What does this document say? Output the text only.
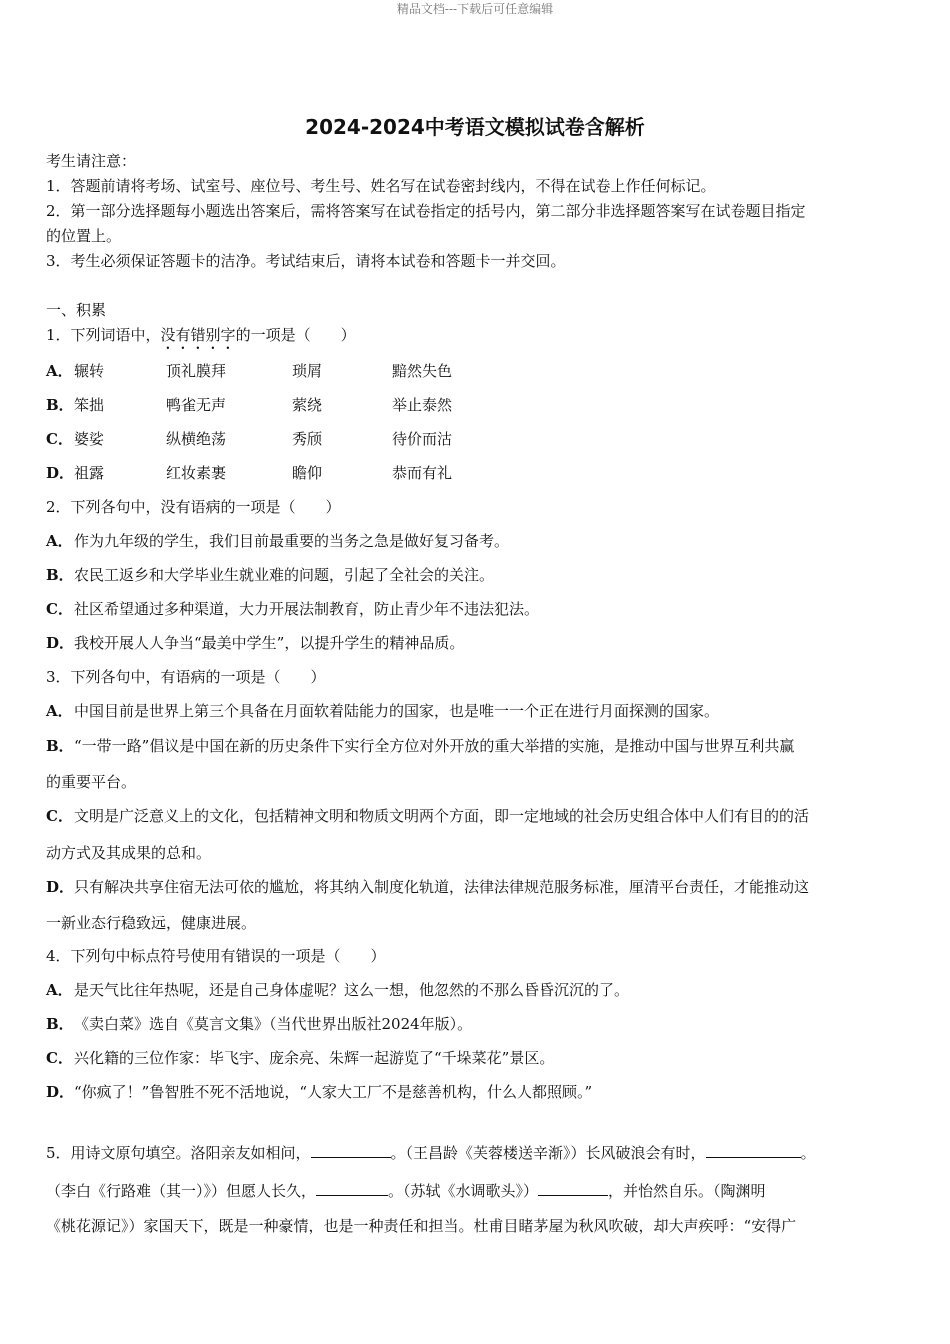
精品文档---下载后可任意编辑
2024-2024中考语文模拟试卷含解析
考生请注意：
1．答题前请将考场、试室号、座位号、考生号、姓名写在试卷密封线内，不得在试卷上作任何标记。
2．第一部分选择题每小题选出答案后，需将答案写在试卷指定的括号内，第二部分非选择题答案写在试卷题目指定
的位置上。
3．考生必须保证答题卡的洁净。考试结束后，请将本试卷和答题卡一并交回。
一、积累
1．下列词语中，没有错别字的一项是（　　）
A． 辗转	顶礼膜拜	琐屑	黯然失色
B． 笨拙	鸭雀无声	萦绕	举止泰然
C． 婆娑	纵横绝荡	秀颀	待价而沽
D． 祖露	红妆素裹	瞻仰	恭而有礼
2．下列各句中，没有语病的一项是（　　）
A．作为九年级的学生，我们目前最重要的当务之急是做好复习备考。
B．农民工返乡和大学毕业生就业难的问题，引起了全社会的关注。
C．社区希望通过多种渠道，大力开展法制教育，防止青少年不违法犯法。
D．我校开展人人争当“最美中学生”，以提升学生的精神品质。
3．下列各句中，有语病的一项是（　　）
A．中国目前是世界上第三个具备在月面软着陆能力的国家，也是唯一一个正在进行月面探测的国家。
B．“一带一路”倡议是中国在新的历史条件下实行全方位对外开放的重大举措的实施，是推动中国与世界互利共赢
的重要平台。
C．文明是广泛意义上的文化，包括精神文明和物质文明两个方面，即一定地域的社会历史组合体中人们有目的的活
动方式及其成果的总和。
D．只有解决共享住宿无法可依的尴尬，将其纳入制度化轨道，法律法律规范服务标准，厘清平台责任，才能推动这
一新业态行稳致远，健康进展。
4．下列句中标点符号使用有错误的一项是（　　）
A．是天气比往年热呢，还是自己身体虚呢？这么一想，他忽然的不那么昏昏沉沉的了。
B．《卖白菜》选自《莫言文集》（当代世界出版社2024年版）。
C．兴化籍的三位作家：毕飞宇、庞余亮、朱辉一起游览了“千垛菜花”景区。
D．“你疯了！”鲁智胜不死不活地说，“人家大工厂不是慈善机构，什么人都照顾。”
5．用诗文原句填空。洛阳亲友如相问，	。（王昌龄《芙蓉楼送辛渐》）长风破浪会有时，	。
（李白《行路难（其一）》）但愿人长久，	。（苏轼《水调歌头》）	，并怡然自乐。（陶渊明
《桃花源记》）家国天下，既是一种豪情，也是一种责任和担当。杜甫目睹茅屋为秋风吹破，却大声疾呼：“安得广
